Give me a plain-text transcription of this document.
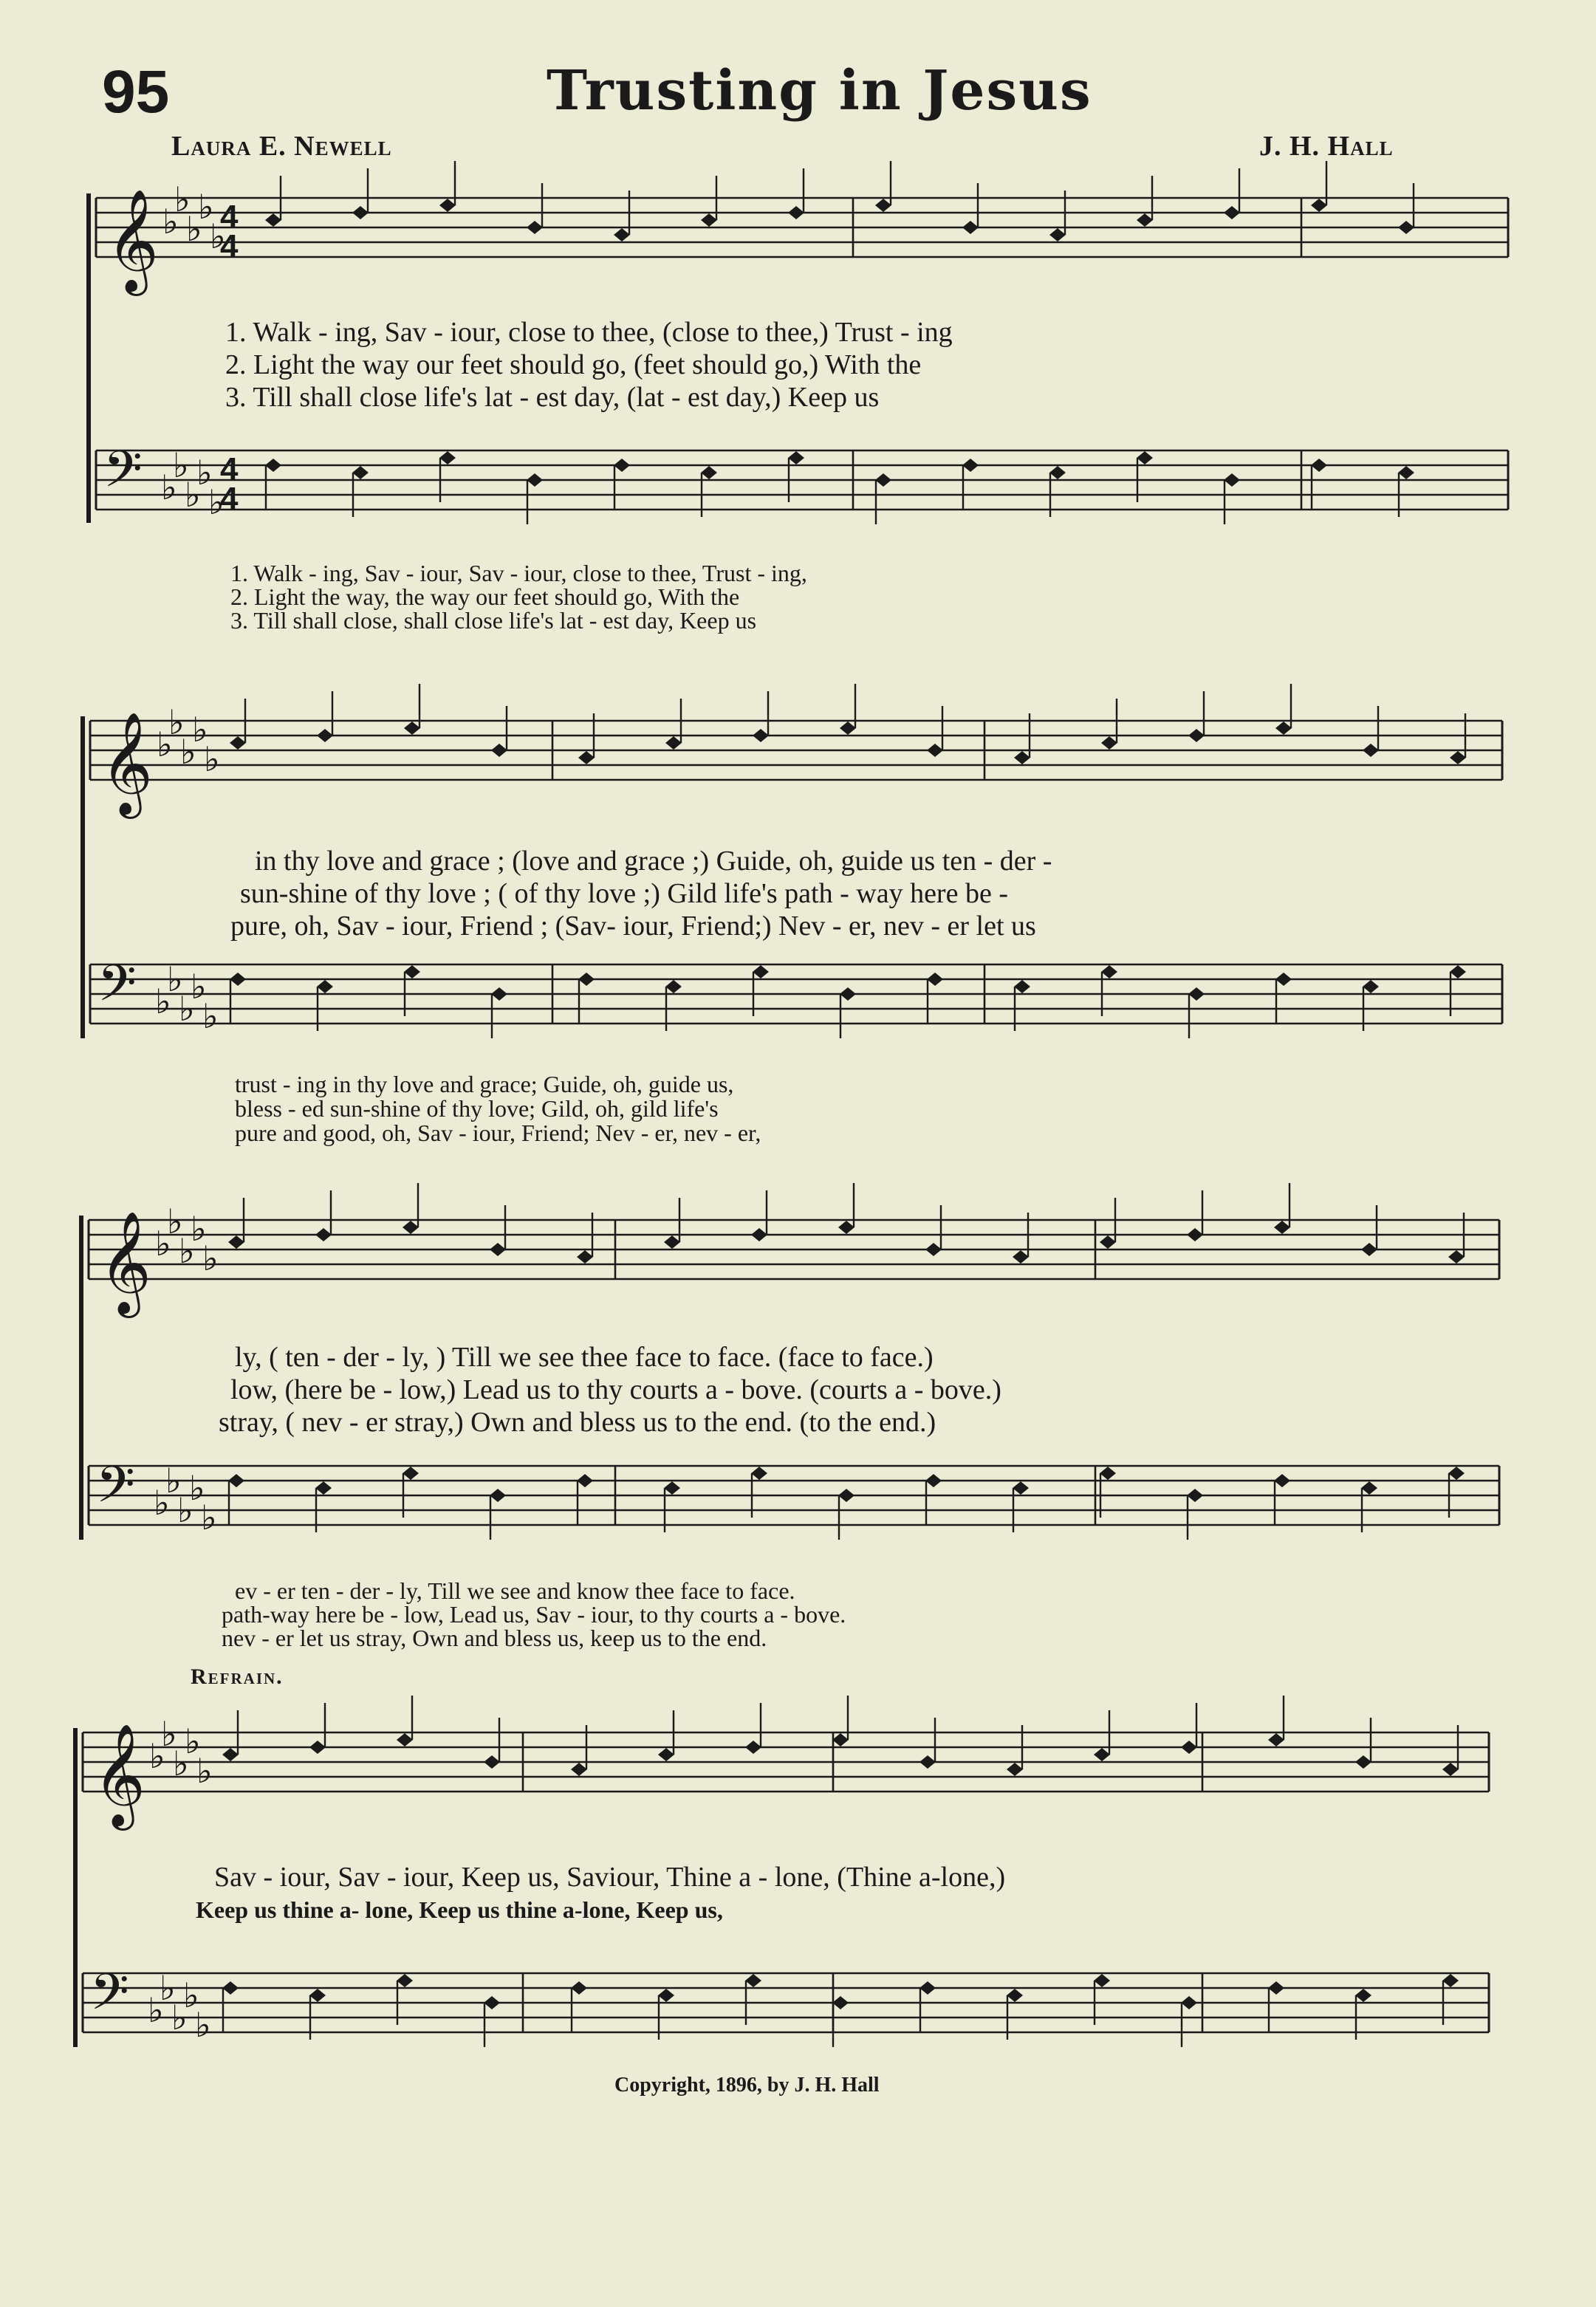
95	Trusting in Jesus
Laura E. Newell	J. H. Hall
𝄞
𝄢
♭
♭
♭
♭
♭
♭
♭
♭
♭
♭
4
4
4
4
𝄞
𝄢
♭
♭
♭
♭
♭
♭
♭
♭
♭
♭
𝄞
𝄢
♭
♭
♭
♭
♭
♭
♭
♭
♭
♭
𝄞
𝄢
♭
♭
♭
♭
♭
♭
♭
♭
♭
♭
1. Walk - ing, Sav - iour, close to thee, (close to thee,) Trust - ing
2. Light the way our feet should go, (feet should go,) With the
3. Till shall close life's lat - est day, (lat - est day,) Keep us
1. Walk - ing, Sav - iour, Sav - iour, close to thee, Trust - ing,
2. Light the way, the way our feet should go, With the
3. Till shall close, shall close life's lat - est day, Keep us
in thy love and grace ; (love and grace ;) Guide, oh, guide us ten - der -
sun-shine of thy love ; ( of thy love ;) Gild life's path - way here be -
pure, oh, Sav - iour, Friend ; (Sav- iour, Friend;) Nev - er, nev - er let us
trust - ing in thy love and grace; Guide, oh, guide us,
bless - ed sun-shine of thy love; Gild, oh, gild life's
pure and good, oh, Sav - iour, Friend; Nev - er, nev - er,
ly, ( ten - der - ly, ) Till we see thee face to face. (face to face.)
low, (here be - low,) Lead us to thy courts a - bove. (courts a - bove.)
stray, ( nev - er stray,) Own and bless us to the end. (to the end.)
ev - er ten - der - ly, Till we see and know thee face to face.
path-way here be - low, Lead us, Sav - iour, to thy courts a - bove.
nev - er let us stray, Own and bless us, keep us to the end.
Refrain.
Sav - iour, Sav - iour, Keep us, Saviour, Thine a - lone, (Thine a-lone,)
Keep us thine a- lone, Keep us thine a-lone, Keep us,
Copyright, 1896, by J. H. Hall
